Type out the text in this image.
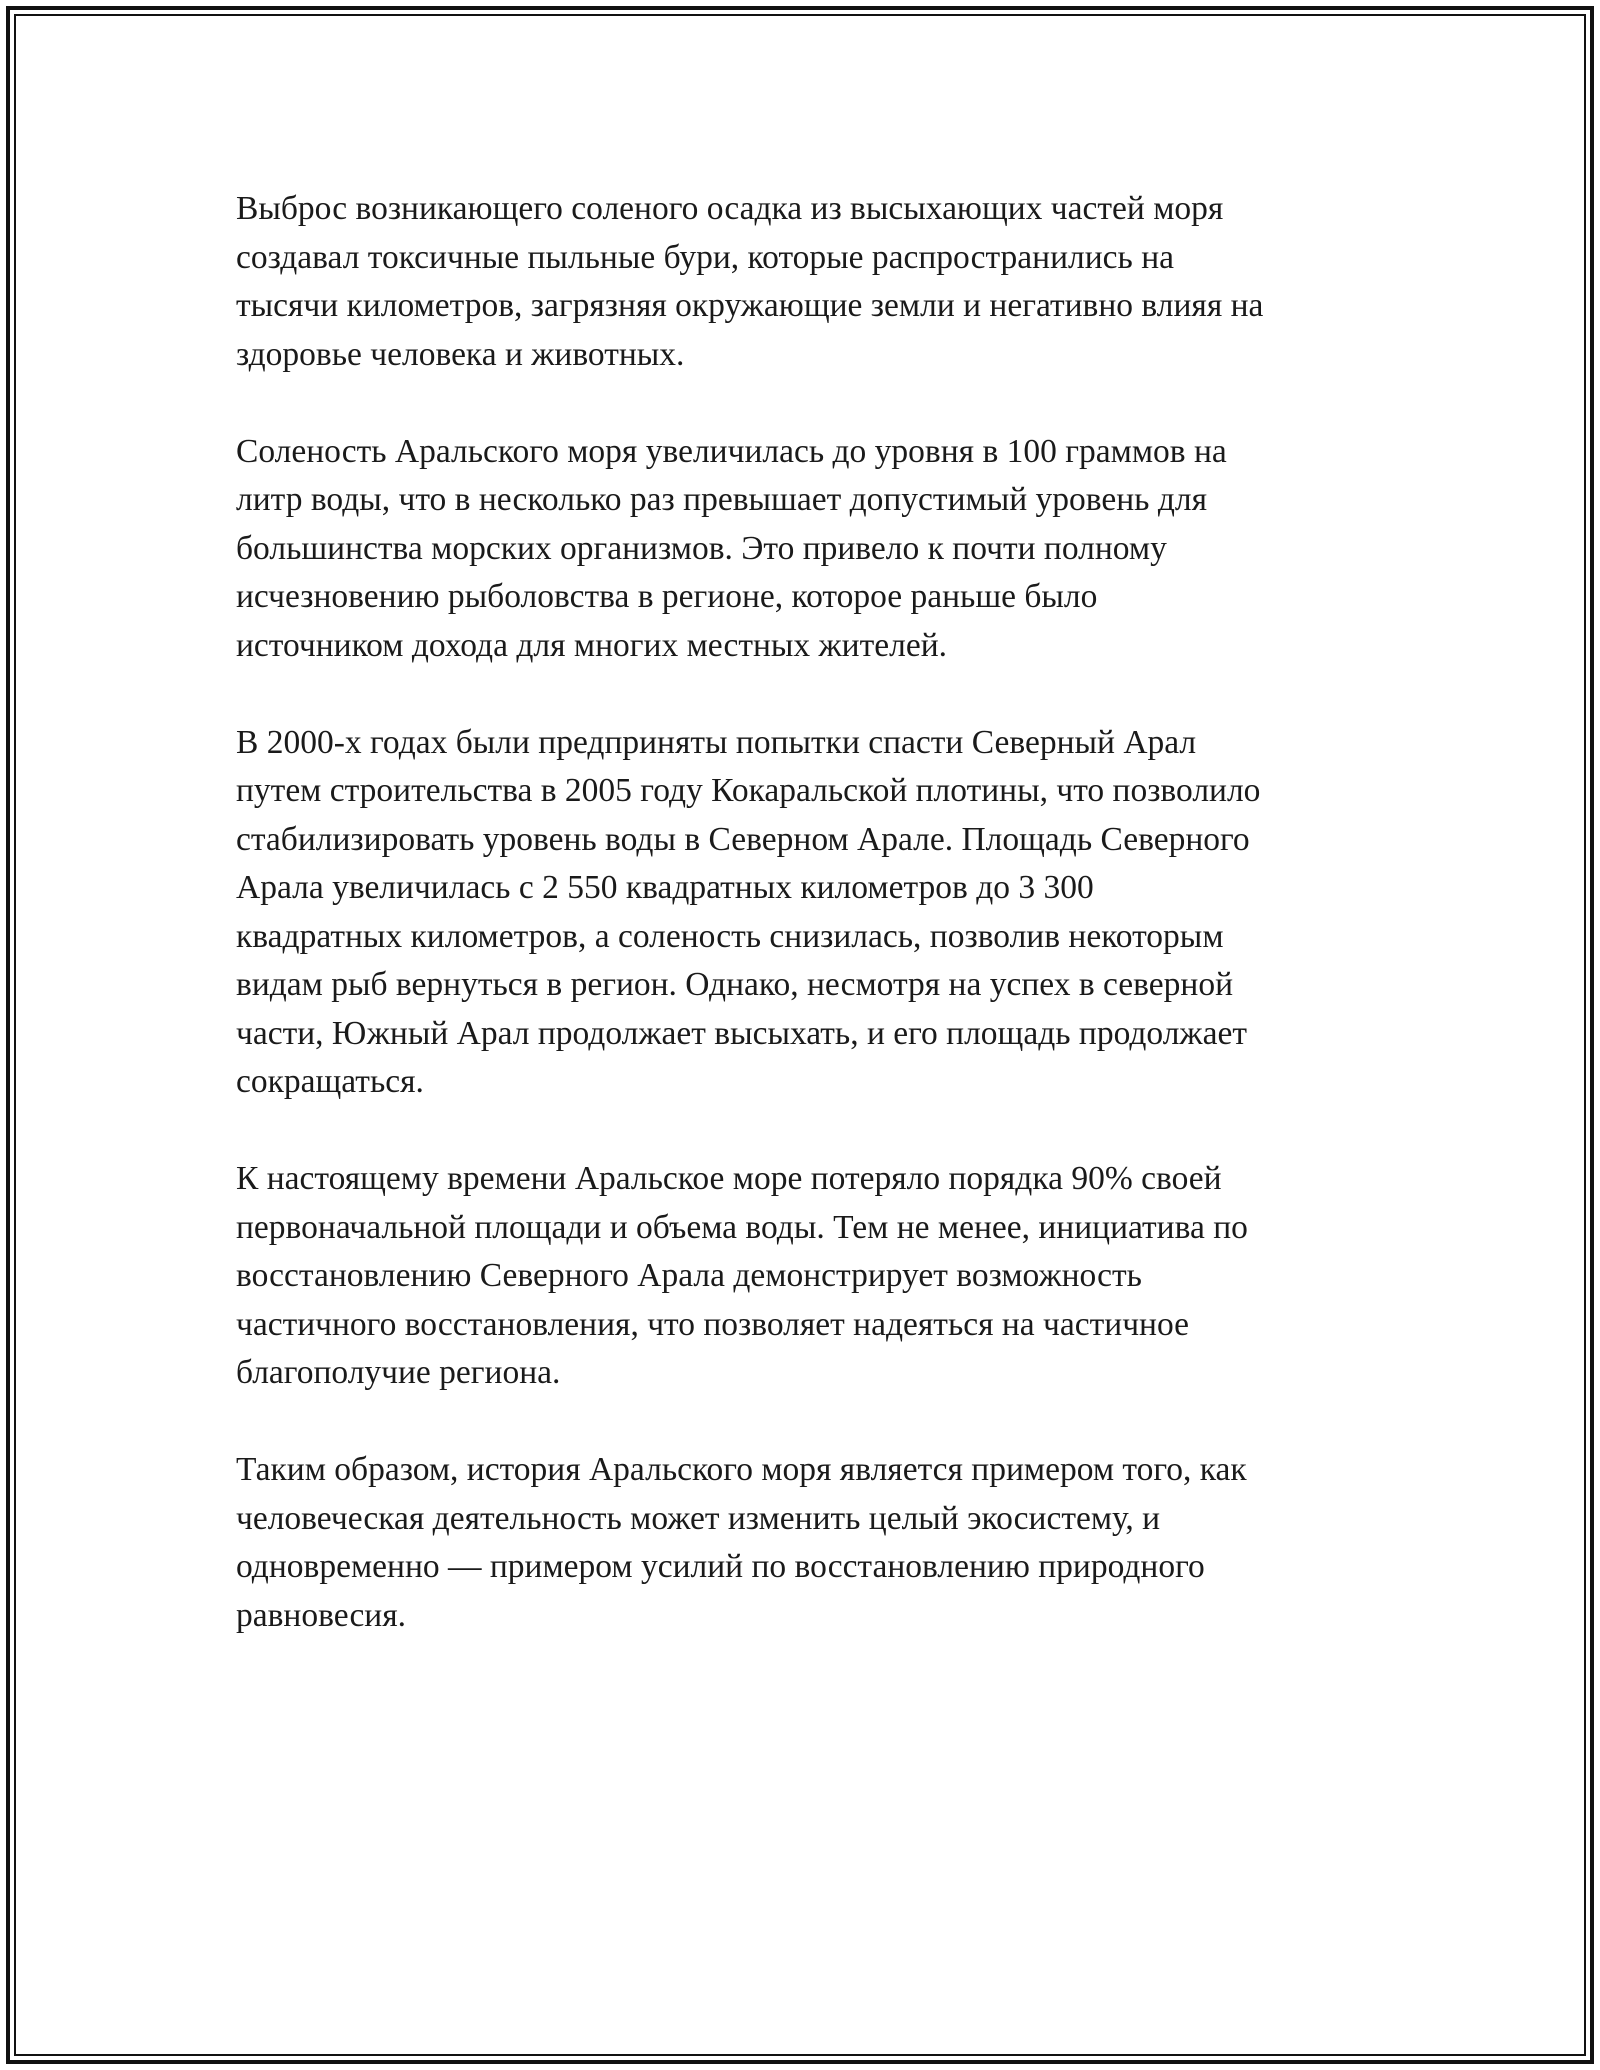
Выброс возникающего соленого осадка из высыхающих частей моря
создавал токсичные пыльные бури, которые распространились на
тысячи километров, загрязняя окружающие земли и негативно влияя на
здоровье человека и животных.

Соленость Аральского моря увеличилась до уровня в 100 граммов на
литр воды, что в несколько раз превышает допустимый уровень для
большинства морских организмов. Это привело к почти полному
исчезновению рыболовства в регионе, которое раньше было
источником дохода для многих местных жителей.

В 2000-х годах были предприняты попытки спасти Северный Арал
путем строительства в 2005 году Кокаральской плотины, что позволило
стабилизировать уровень воды в Северном Арале. Площадь Северного
Арала увеличилась с 2 550 квадратных километров до 3 300
квадратных километров, а соленость снизилась, позволив некоторым
видам рыб вернуться в регион. Однако, несмотря на успех в северной
части, Южный Арал продолжает высыхать, и его площадь продолжает
сокращаться.

К настоящему времени Аральское море потеряло порядка 90% своей
первоначальной площади и объема воды. Тем не менее, инициатива по
восстановлению Северного Арала демонстрирует возможность
частичного восстановления, что позволяет надеяться на частичное
благополучие региона.

Таким образом, история Аральского моря является примером того, как
человеческая деятельность может изменить целый экосистему, и
одновременно — примером усилий по восстановлению природного
равновесия.
